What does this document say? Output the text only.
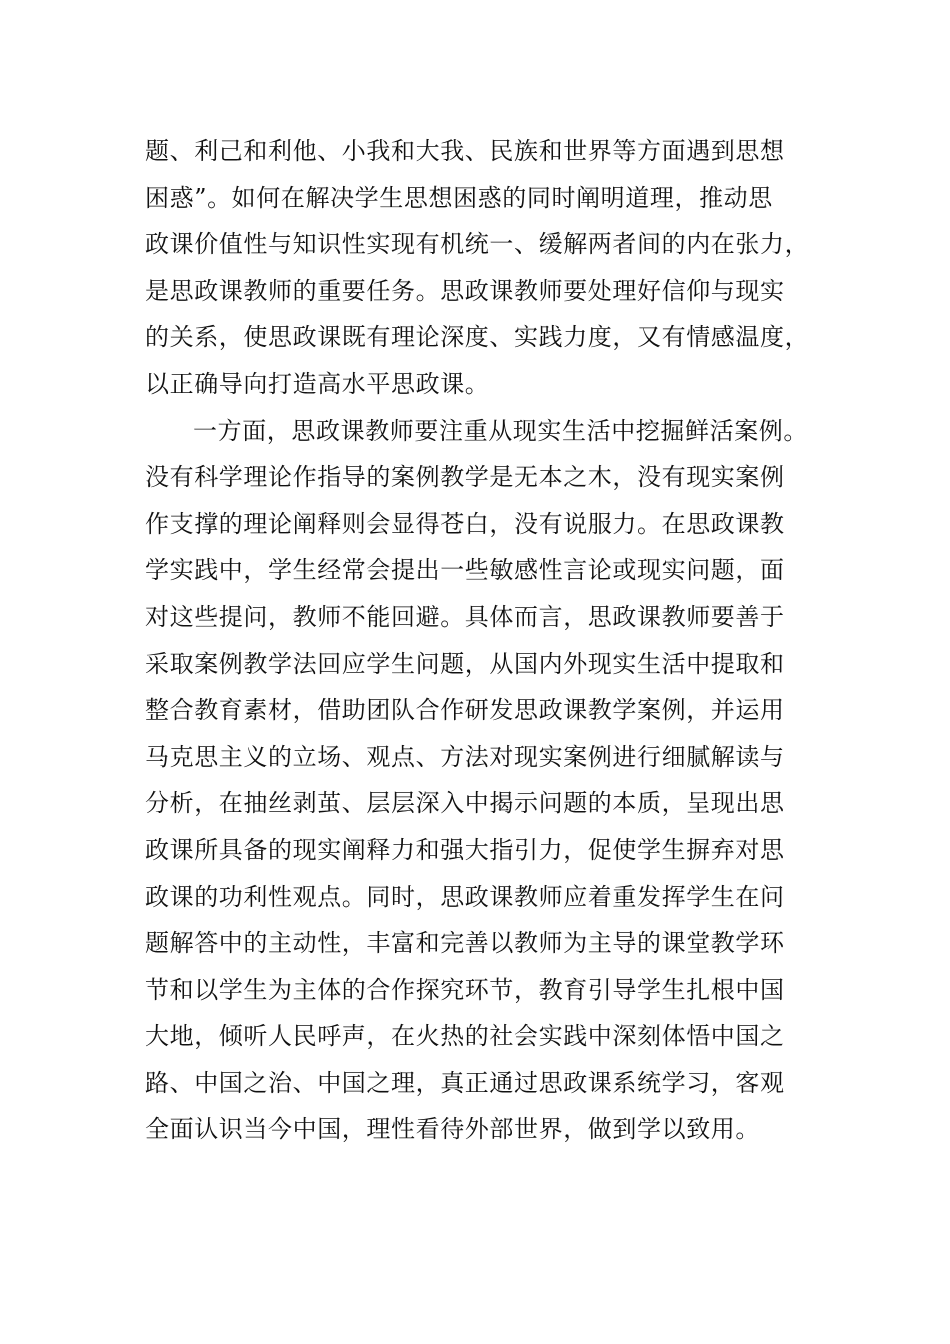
题、利己和利他、小我和大我、民族和世界等方面遇到思想
困惑”。如何在解决学生思想困惑的同时阐明道理，推动思
政课价值性与知识性实现有机统一、缓解两者间的内在张力，
是思政课教师的重要任务。思政课教师要处理好信仰与现实
的关系，使思政课既有理论深度、实践力度，又有情感温度，
以正确导向打造高水平思政课。
一方面，思政课教师要注重从现实生活中挖掘鲜活案例。
没有科学理论作指导的案例教学是无本之木，没有现实案例
作支撑的理论阐释则会显得苍白，没有说服力。在思政课教
学实践中，学生经常会提出一些敏感性言论或现实问题，面
对这些提问，教师不能回避。具体而言，思政课教师要善于
采取案例教学法回应学生问题，从国内外现实生活中提取和
整合教育素材，借助团队合作研发思政课教学案例，并运用
马克思主义的立场、观点、方法对现实案例进行细腻解读与
分析，在抽丝剥茧、层层深入中揭示问题的本质，呈现出思
政课所具备的现实阐释力和强大指引力，促使学生摒弃对思
政课的功利性观点。同时，思政课教师应着重发挥学生在问
题解答中的主动性，丰富和完善以教师为主导的课堂教学环
节和以学生为主体的合作探究环节，教育引导学生扎根中国
大地，倾听人民呼声，在火热的社会实践中深刻体悟中国之
路、中国之治、中国之理，真正通过思政课系统学习，客观
全面认识当今中国，理性看待外部世界，做到学以致用。
